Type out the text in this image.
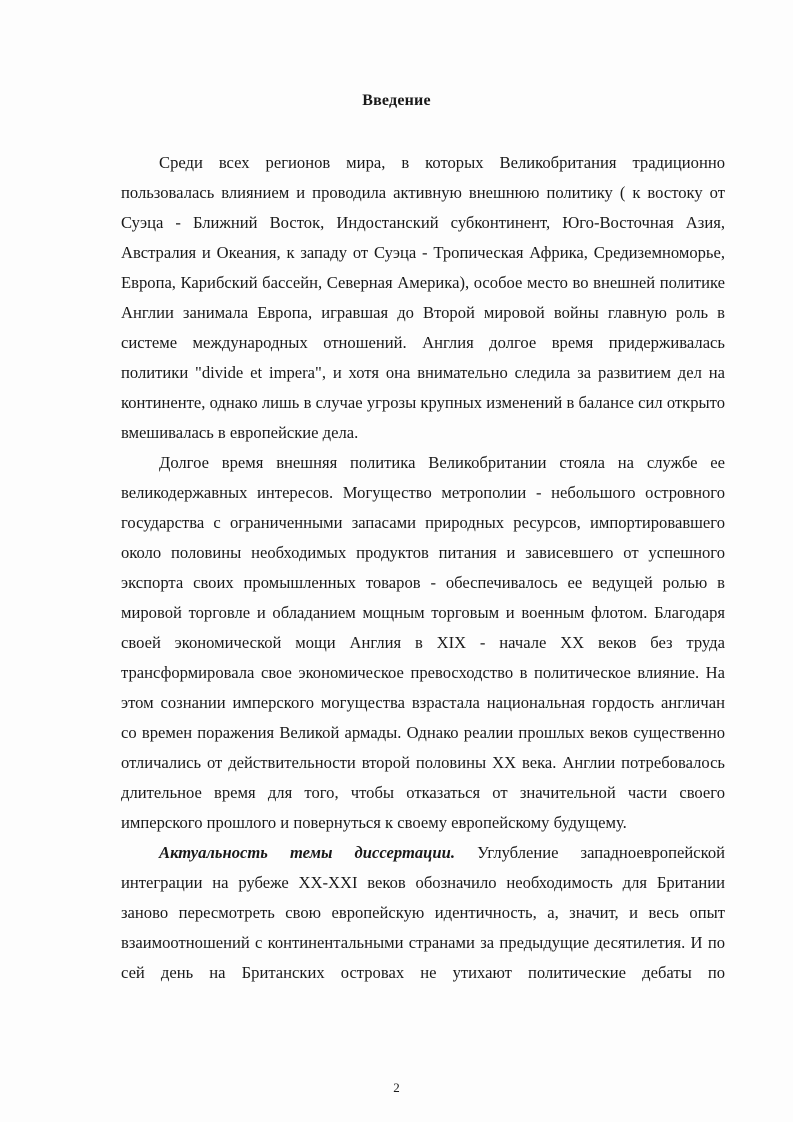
Введение

Среди всех регионов мира, в которых Великобритания традиционно пользовалась влиянием и проводила активную внешнюю политику ( к востоку от Суэца - Ближний Восток, Индостанский субконтинент, Юго-Восточная Азия, Австралия и Океания, к западу от Суэца - Тропическая Африка, Средиземноморье, Европа, Карибский бассейн, Северная Америка), особое место во внешней политике Англии занимала Европа, игравшая до Второй мировой войны главную роль в системе международных отношений. Англия долгое время придерживалась политики "divide et impera", и хотя она внимательно следила за развитием дел на континенте, однако лишь в случае угрозы крупных изменений в балансе сил открыто вмешивалась в европейские дела.

Долгое время внешняя политика Великобритании стояла на службе ее великодержавных интересов. Могущество метрополии - небольшого островного государства с ограниченными запасами природных ресурсов, импортировавшего около половины необходимых продуктов питания и зависевшего от успешного экспорта своих промышленных товаров - обеспечивалось ее ведущей ролью в мировой торговле и обладанием мощным торговым и военным флотом. Благодаря своей экономической мощи Англия в XIX - начале XX веков без труда трансформировала свое экономическое превосходство в политическое влияние. На этом сознании имперского могущества взрастала национальная гордость англичан со времен поражения Великой армады. Однако реалии прошлых веков существенно отличались от действительности второй половины XX века. Англии потребовалось длительное время для того, чтобы отказаться от значительной части своего имперского прошлого и повернуться к своему европейскому будущему.

Актуальность темы диссертации. Углубление западноевропейской интеграции на рубеже XX-XXI веков обозначило необходимость для Британии заново пересмотреть свою европейскую идентичность, а, значит, и весь опыт взаимоотношений с континентальными странами за предыдущие десятилетия. И по сей день на Британских островах не утихают политические дебаты по

2
